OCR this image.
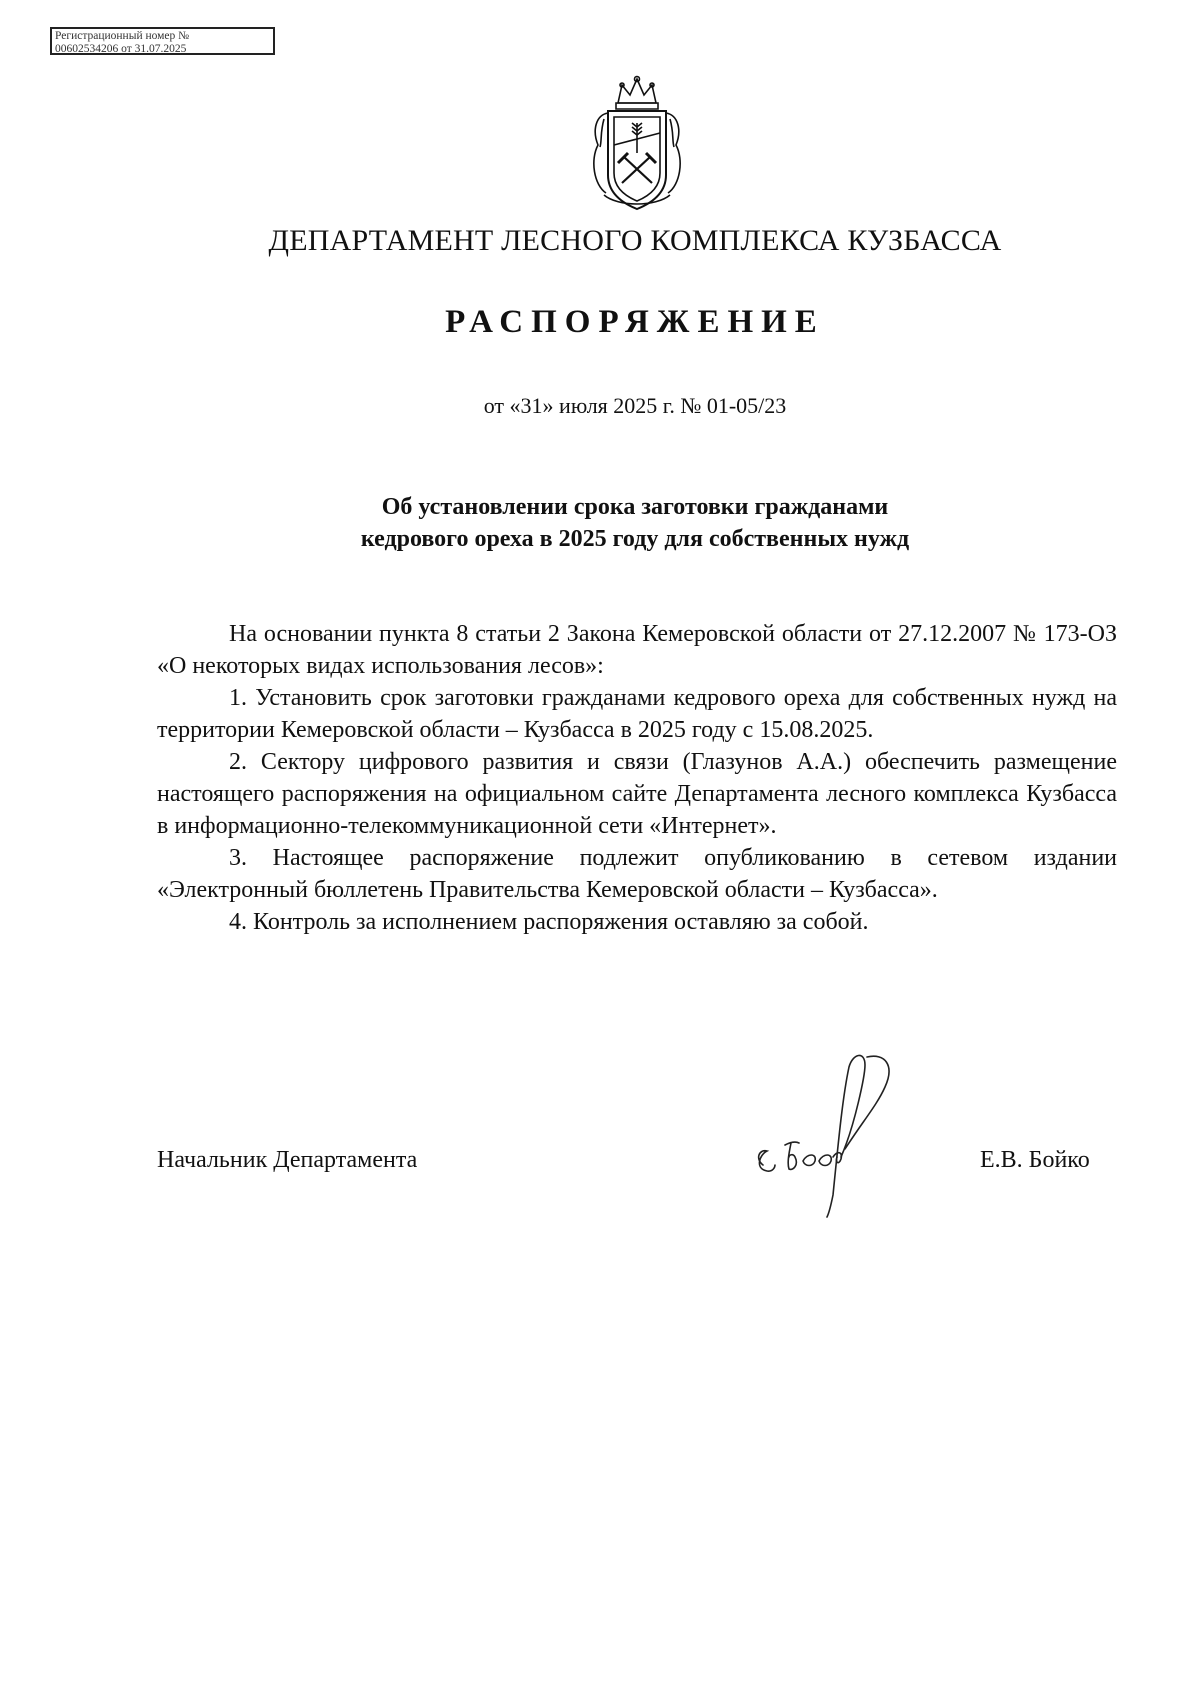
Регистрационный номер №
00602534206 от 31.07.2025
ДЕПАРТАМЕНТ ЛЕСНОГО КОМПЛЕКСА КУЗБАССА
РАСПОРЯЖЕНИЕ
от «31» июля 2025 г. № 01-05/23
Об установлении срока заготовки гражданами
кедрового ореха в 2025 году для собственных нужд

На основании пункта 8 статьи 2 Закона Кемеровской области от 27.12.2007 № 173-ОЗ «О некоторых видах использования лесов»:

1. Установить срок заготовки гражданами кедрового ореха для собственных нужд на территории Кемеровской области – Кузбасса в 2025 году с 15.08.2025.

2. Сектору цифрового развития и связи (Глазунов А.А.) обеспечить размещение настоящего распоряжения на официальном сайте Департамента лесного комплекса Кузбасса в информационно-телекоммуникационной сети «Интернет».

3. Настоящее распоряжение подлежит опубликованию в сетевом издании «Электронный бюллетень Правительства Кемеровской области – Кузбасса».

4. Контроль за исполнением распоряжения оставляю за собой.

Начальник Департамента	Е.В. Бойко
